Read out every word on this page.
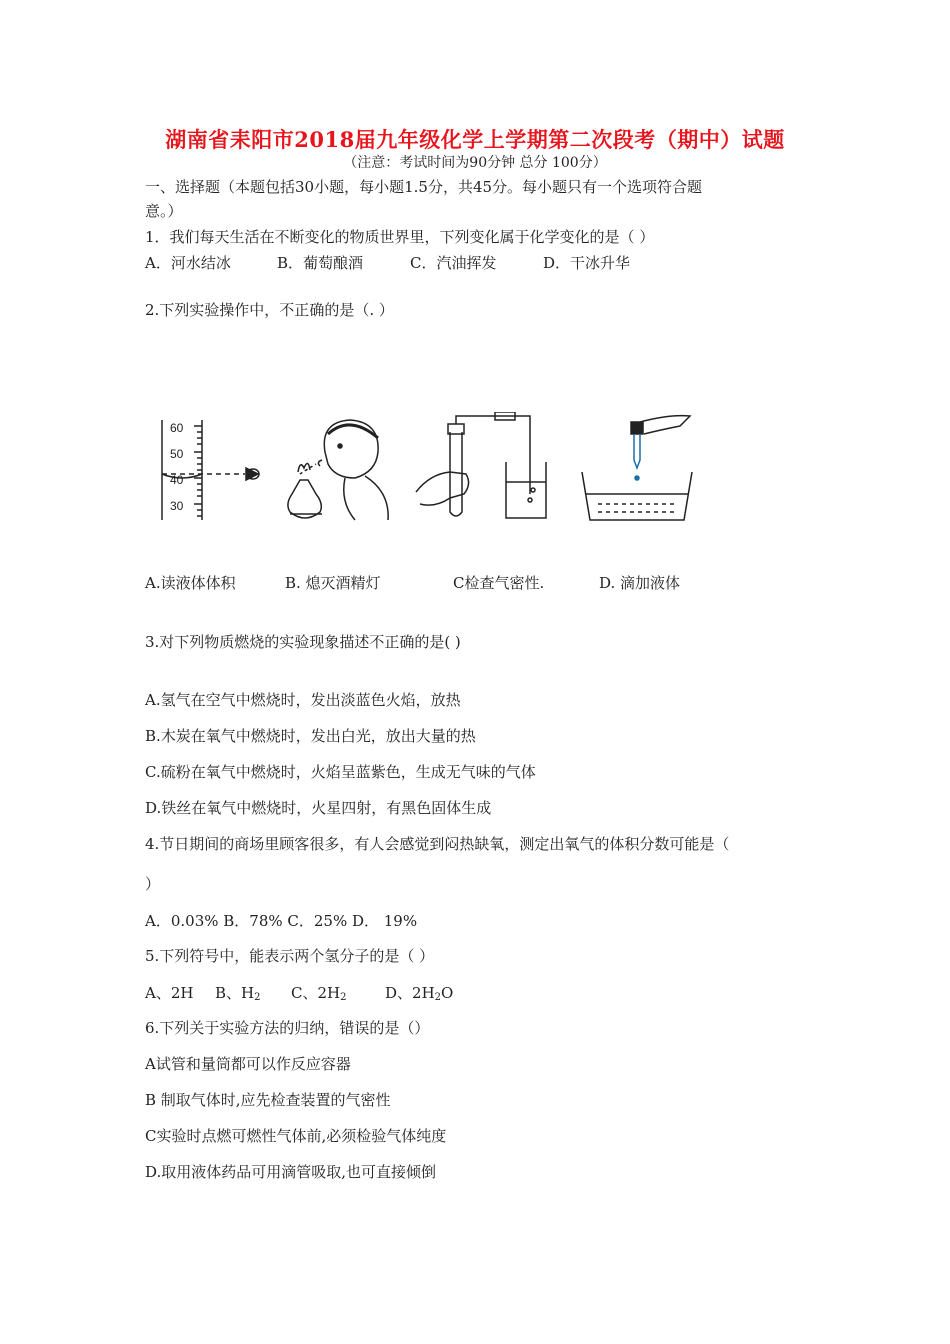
湖南省耒阳市2018届九年级化学上学期第二次段考（期中）试题
（注意：考试时间为90分钟 总分 100分）
一、选择题（本题包括30小题，每小题1.5分，共45分。每小题只有一个选项符合题
意。）
1．我们每天生活在不断变化的物质世界里，下列变化属于化学变化的是（ ）
A．河水结冰	B．葡萄酿酒	C．汽油挥发	D．干冰升华
2.下列实验操作中，不正确的是（. ）
60
50
40
30
A.读液体体积	B. 熄灭酒精灯	C检查气密性.	D. 滴加液体
3.对下列物质燃烧的实验现象描述不正确的是( )
A.氢气在空气中燃烧时，发出淡蓝色火焰，放热
B.木炭在氧气中燃烧时，发出白光，放出大量的热
C.硫粉在氧气中燃烧时，火焰呈蓝紫色，生成无气味的气体
D.铁丝在氧气中燃烧时，火星四射，有黑色固体生成
4.节日期间的商场里顾客很多，有人会感觉到闷热缺氧，测定出氧气的体积分数可能是（
）
A．0.03% B．78% C．25% D． 19%
5.下列符号中，能表示两个氢分子的是（ ）
A、2H B、$H_2$ C、$2H_2$	D、$2H_2O$
6.下列关于实验方法的归纳，错误的是（）
A试管和量筒都可以作反应容器
B 制取气体时,应先检查装置的气密性
C实验时点燃可燃性气体前,必须检验气体纯度
D.取用液体药品可用滴管吸取,也可直接倾倒
